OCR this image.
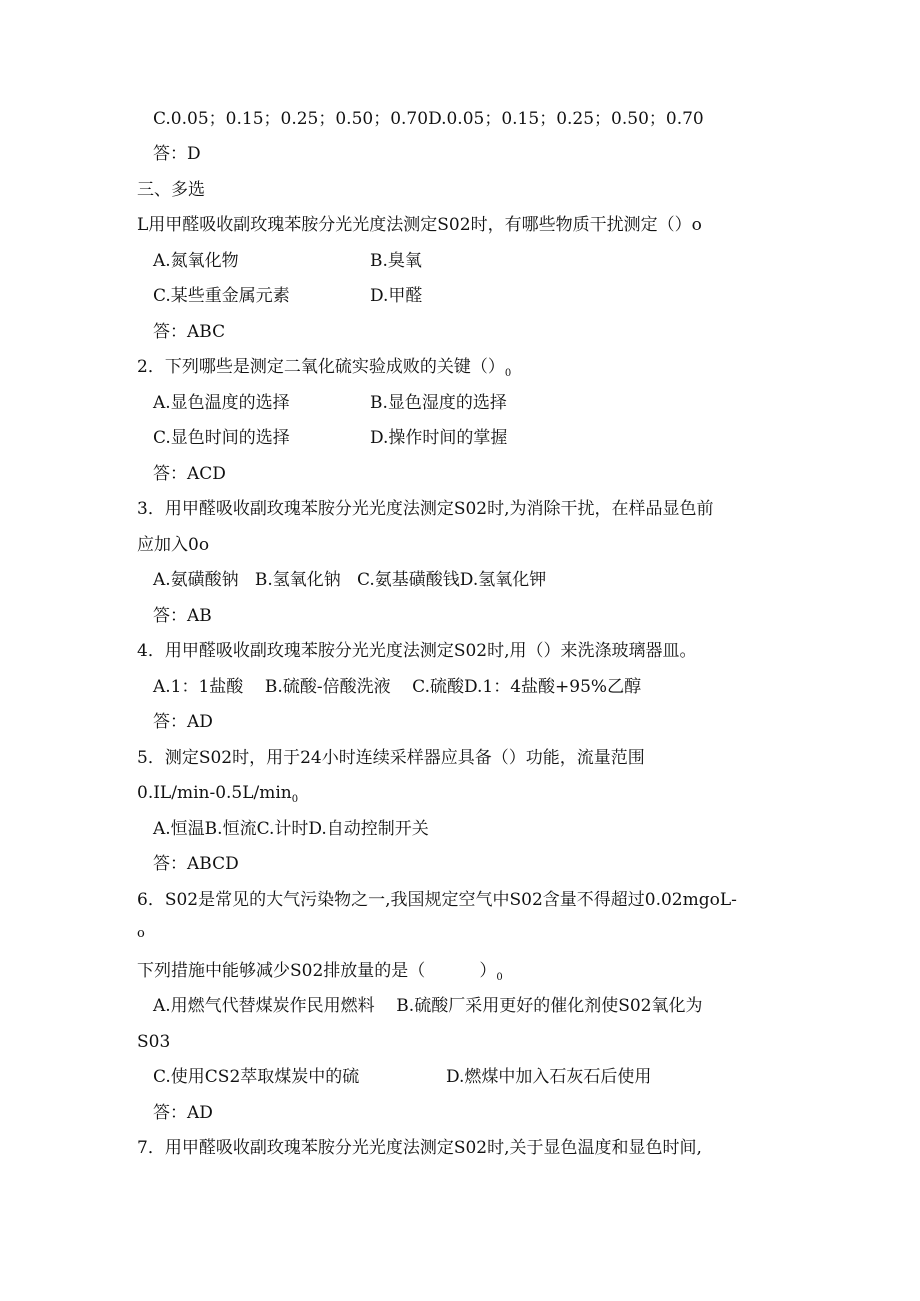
C.0.05；0.15；0.25；0.50；0.70D.0.05；0.15；0.25；0.50；0.70
答：D
三、多选
L用甲醛吸收副玫瑰苯胺分光光度法测定S02时，有哪些物质干扰测定（）o
A.氮氧化物	B.臭氧
C.某些重金属元素	D.甲醛
答：ABC
2．下列哪些是测定二氧化硫实验成败的关键$()_0$
A.显色温度的选择	B.显色湿度的选择
C.显色时间的选择	D.操作时间的掌握
答：ACD
3．用甲醛吸收副玫瑰苯胺分光光度法测定S02时,为消除干扰，在样品显色前
应加入0o
A.氨磺酸钠   B.氢氧化钠   C.氨基磺酸钱D.氢氧化钾
答：AB
4．用甲醛吸收副玫瑰苯胺分光光度法测定S02时,用（）来洗涤玻璃器皿。
A.1：1盐酸    B.硫酸-倍酸洗液    C.硫酸D.1：4盐酸+95%乙醇
答：AD
5．测定S02时，用于24小时连续采样器应具备（）功能，流量范围
$0.IL/\min-0.5L/\min_0$
A.恒温B.恒流C.计时D.自动控制开关
答：ABCD
6．S02是常见的大气污染物之一,我国规定空气中S02含量不得超过0.02mgoL-
o
下列措施中能够减少S02排放量的是（          ）$_0$
A.用燃气代替煤炭作民用燃料    B.硫酸厂采用更好的催化剂使S02氧化为
S03
C.使用CS2萃取煤炭中的硫	D.燃煤中加入石灰石后使用
答：AD
7．用甲醛吸收副玫瑰苯胺分光光度法测定S02时,关于显色温度和显色时间,
